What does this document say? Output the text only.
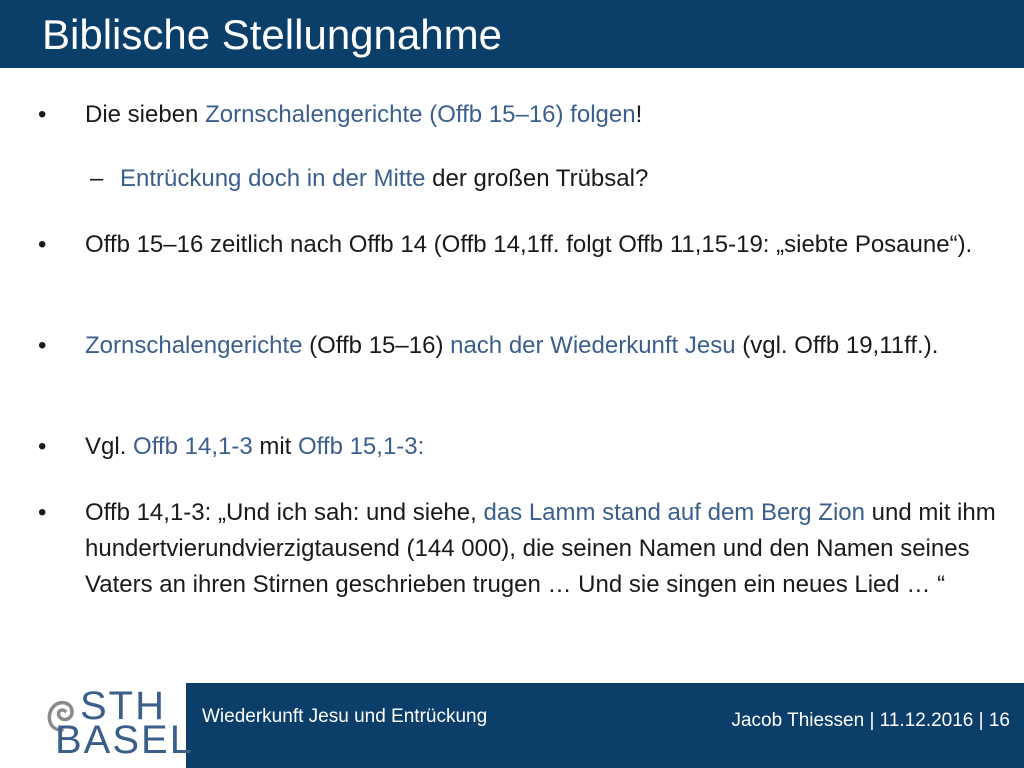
Biblische Stellungnahme
• Die sieben Zornschalengerichte (Offb 15–16) folgen!
– Entrückung doch in der Mitte der großen Trübsal?
• Offb 15–16 zeitlich nach Offb 14 (Offb 14,1ff. folgt Offb 11,15-19: „siebte Posaune“).
• Zornschalengerichte (Offb 15–16) nach der Wiederkunft Jesu (vgl. Offb 19,11ff.).
• Vgl. Offb 14,1-3 mit Offb 15,1-3:
• Offb 14,1-3: „Und ich sah: und siehe, das Lamm stand auf dem Berg Zion und mit ihm hundertvierundvierzigtausend (144 000), die seinen Namen und den Namen seines Vaters an ihren Stirnen geschrieben trugen … Und sie singen ein neues Lied … “
STH
BASEL
Wiederkunft Jesu und Entrückung	Jacob Thiessen | 11.12.2016 | 16
